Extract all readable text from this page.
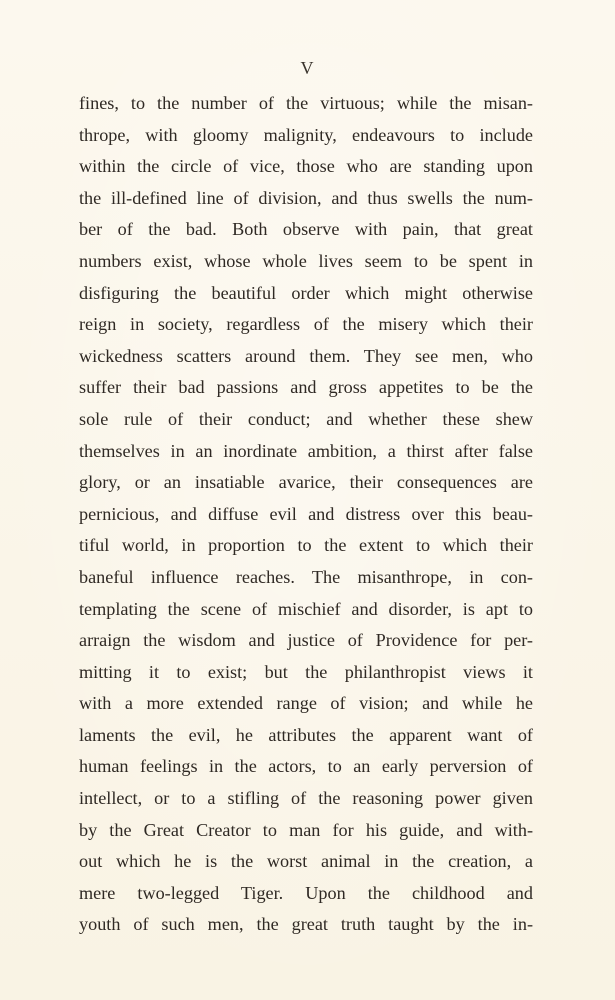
V
fines, to the number of the virtuous; while the misan-
thrope, with gloomy malignity, endeavours to include
within the circle of vice, those who are standing upon
the ill-defined line of division, and thus swells the num-
ber of the bad. Both observe with pain, that great
numbers exist, whose whole lives seem to be spent in
disfiguring the beautiful order which might otherwise
reign in society, regardless of the misery which their
wickedness scatters around them. They see men, who
suffer their bad passions and gross appetites to be the
sole rule of their conduct; and whether these shew
themselves in an inordinate ambition, a thirst after false
glory, or an insatiable avarice, their consequences are
pernicious, and diffuse evil and distress over this beau-
tiful world, in proportion to the extent to which their
baneful influence reaches. The misanthrope, in con-
templating the scene of mischief and disorder, is apt to
arraign the wisdom and justice of Providence for per-
mitting it to exist; but the philanthropist views it
with a more extended range of vision; and while he
laments the evil, he attributes the apparent want of
human feelings in the actors, to an early perversion of
intellect, or to a stifling of the reasoning power given
by the Great Creator to man for his guide, and with-
out which he is the worst animal in the creation, a
mere two-legged Tiger. Upon the childhood and
youth of such men, the great truth taught by the in-
